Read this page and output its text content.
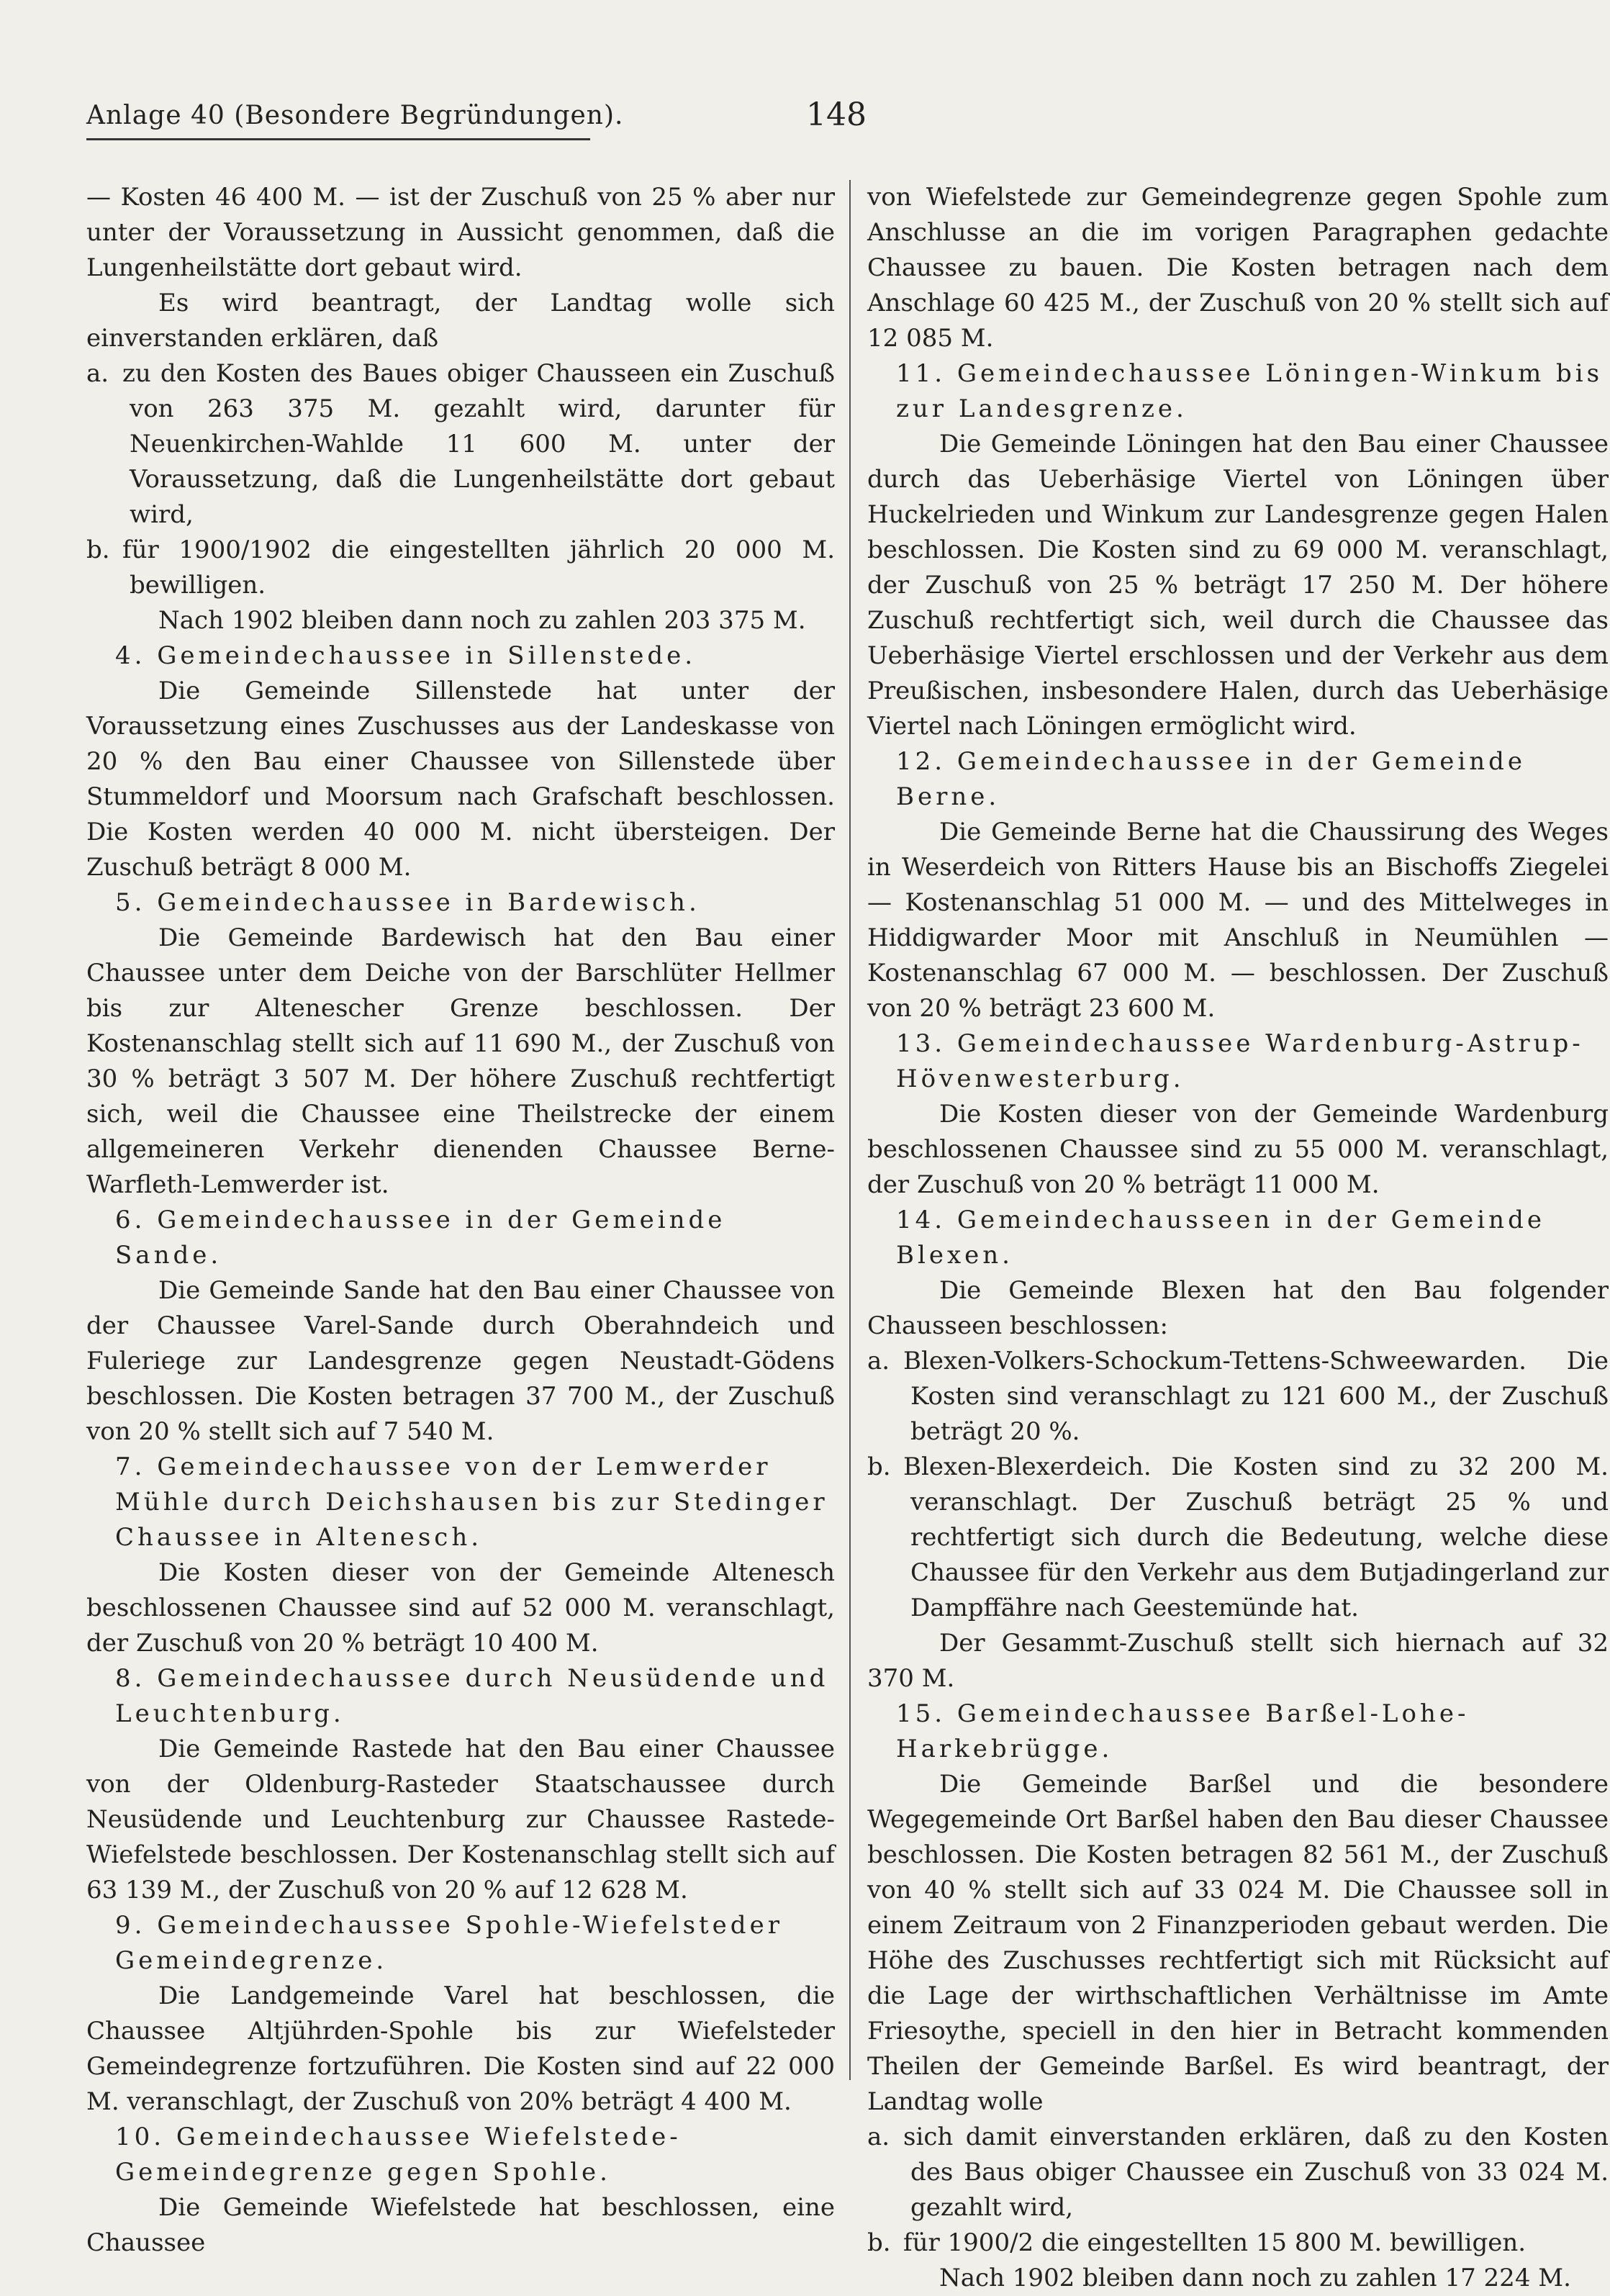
Anlage 40 (Besondere Begründungen).	148

— Kosten 46 400 M. — ist der Zuschuß von 25 % aber nur unter der Voraussetzung in Aussicht genommen, daß die Lungenheilstätte dort gebaut wird.

Es wird beantragt, der Landtag wolle sich einverstanden erklären, daß

a. zu den Kosten des Baues obiger Chausseen ein Zuschuß von 263 375 M. gezahlt wird, darunter für Neuenkirchen-Wahlde 11 600 M. unter der Voraussetzung, daß die Lungenheilstätte dort gebaut wird,

b. für 1900/1902 die eingestellten jährlich 20 000 M. bewilligen.

Nach 1902 bleiben dann noch zu zahlen 203 375 M.

4. Gemeindechaussee in Sillenstede.

Die Gemeinde Sillenstede hat unter der Voraussetzung eines Zuschusses aus der Landeskasse von 20 % den Bau einer Chaussee von Sillenstede über Stummeldorf und Moorsum nach Grafschaft beschlossen. Die Kosten werden 40 000 M. nicht übersteigen. Der Zuschuß beträgt 8 000 M.

5. Gemeindechaussee in Bardewisch.

Die Gemeinde Bardewisch hat den Bau einer Chaussee unter dem Deiche von der Barschlüter Hellmer bis zur Altenescher Grenze beschlossen. Der Kostenanschlag stellt sich auf 11 690 M., der Zuschuß von 30 % beträgt 3 507 M. Der höhere Zuschuß rechtfertigt sich, weil die Chaussee eine Theilstrecke der einem allgemeineren Verkehr dienenden Chaussee Berne-Warfleth-Lemwerder ist.

6. Gemeindechaussee in der Gemeinde Sande.

Die Gemeinde Sande hat den Bau einer Chaussee von der Chaussee Varel-Sande durch Oberahndeich und Fuleriege zur Landesgrenze gegen Neustadt-Gödens beschlossen. Die Kosten betragen 37 700 M., der Zuschuß von 20 % stellt sich auf 7 540 M.

7. Gemeindechaussee von der Lemwerder Mühle durch Deichshausen bis zur Stedinger Chaussee in Altenesch.

Die Kosten dieser von der Gemeinde Altenesch beschlossenen Chaussee sind auf 52 000 M. veranschlagt, der Zuschuß von 20 % beträgt 10 400 M.

8. Gemeindechaussee durch Neusüdende und Leuchtenburg.

Die Gemeinde Rastede hat den Bau einer Chaussee von der Oldenburg-Rasteder Staatschaussee durch Neusüdende und Leuchtenburg zur Chaussee Rastede-Wiefelstede beschlossen. Der Kostenanschlag stellt sich auf 63 139 M., der Zuschuß von 20 % auf 12 628 M.

9. Gemeindechaussee Spohle-Wiefelsteder Gemeindegrenze.

Die Landgemeinde Varel hat beschlossen, die Chaussee Altjührden-Spohle bis zur Wiefelsteder Gemeindegrenze fortzuführen. Die Kosten sind auf 22 000 M. veranschlagt, der Zuschuß von 20% beträgt 4 400 M.

10. Gemeindechaussee Wiefelstede-Gemeindegrenze gegen Spohle.

Die Gemeinde Wiefelstede hat beschlossen, eine Chaussee

von Wiefelstede zur Gemeindegrenze gegen Spohle zum Anschlusse an die im vorigen Paragraphen gedachte Chaussee zu bauen. Die Kosten betragen nach dem Anschlage 60 425 M., der Zuschuß von 20 % stellt sich auf 12 085 M.

11. Gemeindechaussee Löningen-Winkum bis zur Landesgrenze.

Die Gemeinde Löningen hat den Bau einer Chaussee durch das Ueberhäsige Viertel von Löningen über Huckelrieden und Winkum zur Landesgrenze gegen Halen beschlossen. Die Kosten sind zu 69 000 M. veranschlagt, der Zuschuß von 25 % beträgt 17 250 M. Der höhere Zuschuß rechtfertigt sich, weil durch die Chaussee das Ueberhäsige Viertel erschlossen und der Verkehr aus dem Preußischen, insbesondere Halen, durch das Ueberhäsige Viertel nach Löningen ermöglicht wird.

12. Gemeindechaussee in der Gemeinde Berne.

Die Gemeinde Berne hat die Chaussirung des Weges in Weserdeich von Ritters Hause bis an Bischoffs Ziegelei — Kostenanschlag 51 000 M. — und des Mittelweges in Hiddigwarder Moor mit Anschluß in Neumühlen — Kostenanschlag 67 000 M. — beschlossen. Der Zuschuß von 20 % beträgt 23 600 M.

13. Gemeindechaussee Wardenburg-Astrup-Hövenwesterburg.

Die Kosten dieser von der Gemeinde Wardenburg beschlossenen Chaussee sind zu 55 000 M. veranschlagt, der Zuschuß von 20 % beträgt 11 000 M.

14. Gemeindechausseen in der Gemeinde Blexen.

Die Gemeinde Blexen hat den Bau folgender Chausseen beschlossen:

a. Blexen-Volkers-Schockum-Tettens-Schweewarden. Die Kosten sind veranschlagt zu 121 600 M., der Zuschuß beträgt 20 %.

b. Blexen-Blexerdeich. Die Kosten sind zu 32 200 M. veranschlagt. Der Zuschuß beträgt 25 % und rechtfertigt sich durch die Bedeutung, welche diese Chaussee für den Verkehr aus dem Butjadingerland zur Dampffähre nach Geestemünde hat.

Der Gesammt-Zuschuß stellt sich hiernach auf 32 370 M.

15. Gemeindechaussee Barßel-Lohe-Harkebrügge.

Die Gemeinde Barßel und die besondere Wegegemeinde Ort Barßel haben den Bau dieser Chaussee beschlossen. Die Kosten betragen 82 561 M., der Zuschuß von 40 % stellt sich auf 33 024 M. Die Chaussee soll in einem Zeitraum von 2 Finanzperioden gebaut werden. Die Höhe des Zuschusses rechtfertigt sich mit Rücksicht auf die Lage der wirthschaftlichen Verhältnisse im Amte Friesoythe, speciell in den hier in Betracht kommenden Theilen der Gemeinde Barßel. Es wird beantragt, der Landtag wolle

a. sich damit einverstanden erklären, daß zu den Kosten des Baus obiger Chaussee ein Zuschuß von 33 024 M. gezahlt wird,

b. für 1900/2 die eingestellten 15 800 M. bewilligen.

Nach 1902 bleiben dann noch zu zahlen 17 224 M.
